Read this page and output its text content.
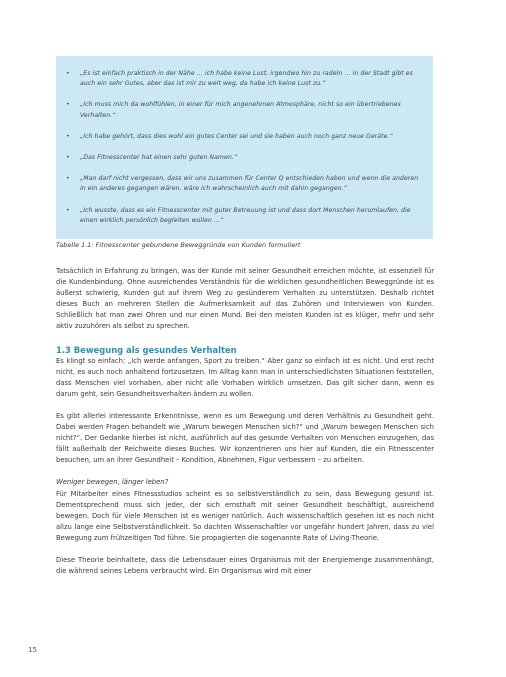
• „Es ist einfach praktisch in der Nähe … ich habe keine Lust, irgendwo hin zu radeln … in der Stadt gibt es auch ein sehr Gutes, aber das ist mir zu weit weg, da habe ich keine Lust zu.“
• „Ich muss mich da wohlfühlen, in einer für mich angenehmen Atmosphäre, nicht so ein übertriebenes Verhalten.“
• „Ich habe gehört, dass dies wohl ein gutes Center sei und sie haben auch noch ganz neue Geräte.“
• „Das Fitnesscenter hat einen sehr guten Namen.“
• „Man darf nicht vergessen, dass wir uns zusammen für Center Q entschieden haben und wenn die anderen in ein anderes gegangen wären, wäre ich wahrscheinlich auch mit dahin gegangen.“
• „Ich wusste, dass es ein Fitnesscenter mit guter Betreuung ist und dass dort Menschen herumlaufen, die einen wirklich persönlich begleiten wollen …“
Tabelle 1.1: Fitnesscenter gebundene Beweggründe von Kunden formuliert

Tatsächlich in Erfahrung zu bringen, was der Kunde mit seiner Gesundheit erreichen möchte, ist essenziell für die Kundenbindung. Ohne ausreichendes Verständnis für die wirklichen gesundheitlichen Beweggründe ist es äußerst schwierig, Kunden gut auf ihrem Weg zu gesünderem Verhalten zu unterstützen. Deshalb richtet dieses Buch an mehreren Stellen die Aufmerksamkeit auf das Zuhören und Interviewen von Kunden. Schließlich hat man zwei Ohren und nur einen Mund. Bei den meisten Kunden ist es klüger, mehr und sehr aktiv zuzuhören als selbst zu sprechen.

1.3 Bewegung als gesundes Verhalten

Es klingt so einfach: „Ich werde anfangen, Sport zu treiben.“ Aber ganz so einfach ist es nicht. Und erst recht nicht, es auch noch anhaltend fortzusetzen. Im Alltag kann man in unterschiedlichsten Situationen feststellen, dass Menschen viel vorhaben, aber nicht alle Vorhaben wirklich umsetzen. Das gilt sicher dann, wenn es darum geht, sein Gesundheitsverhalten ändern zu wollen.

Es gibt allerlei interessante Erkenntnisse, wenn es um Bewegung und deren Verhältnis zu Gesundheit geht. Dabei werden Fragen behandelt wie „Warum bewegen Menschen sich?“ und „Warum bewegen Menschen sich nicht?“. Der Gedanke hierbei ist nicht, ausführlich auf das gesunde Verhalten von Menschen einzugehen, das fällt außerhalb der Reichweite dieses Buches. Wir konzentrieren uns hier auf Kunden, die ein Fitnesscenter besuchen, um an ihrer Gesundheit – Kondition, Abnehmen, Figur verbessern – zu arbeiten.

Weniger bewegen, länger leben?

Für Mitarbeiter eines Fitnessstudios scheint es so selbstverständlich zu sein, dass Bewegung gesund ist. Dementsprechend muss sich jeder, der sich ernsthaft mit seiner Gesundheit beschäftigt, ausreichend bewegen. Doch für viele Menschen ist es weniger natürlich. Auch wissenschaftlich gesehen ist es noch nicht allzu lange eine Selbstverständlichkeit. So dachten Wissenschaftler vor ungefähr hundert Jahren, dass zu viel Bewegung zum frühzeitigen Tod führe. Sie propagierten die sogenannte Rate of Living-Theorie.

Diese Theorie beinhaltete, dass die Lebensdauer eines Organismus mit der Energiemenge zusammenhängt, die während seines Lebens verbraucht wird. Ein Organismus wird mit einer

15
